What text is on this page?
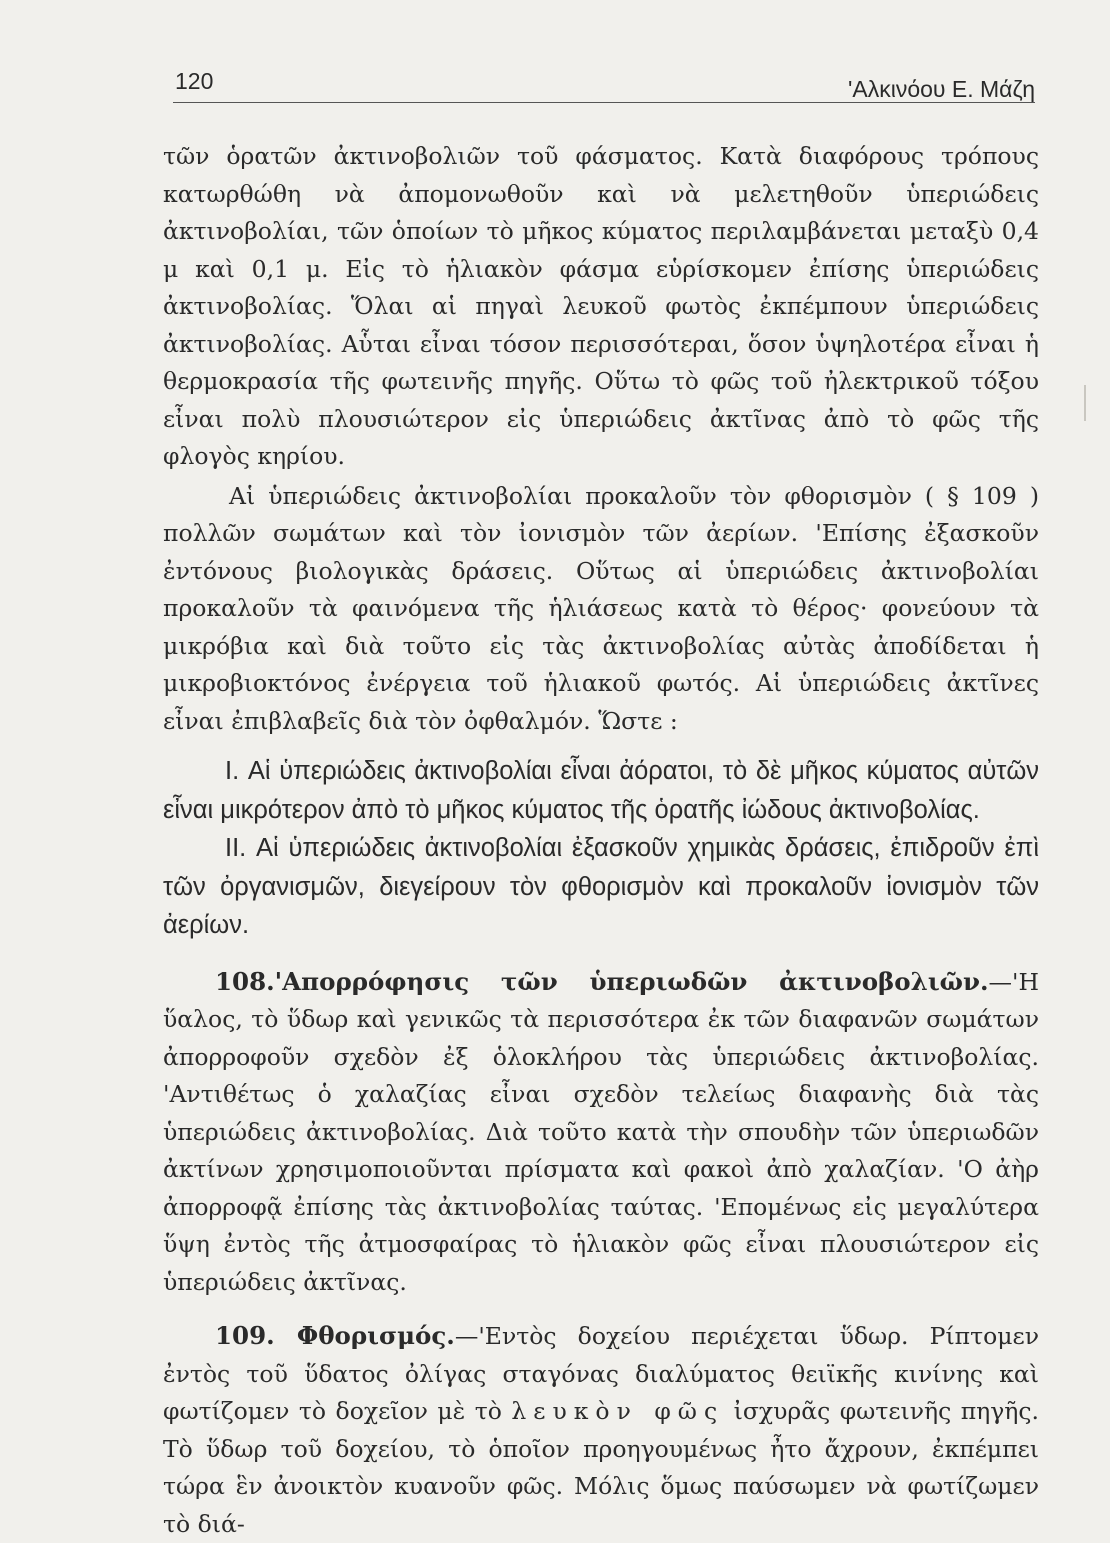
120	'Αλκινόου Ε. Μάζη

τῶν ὁρατῶν ἀκτινοβολιῶν τοῦ φάσματος. Κατὰ διαφόρους τρόπους κατωρθώθη νὰ ἀπομονωθοῦν καὶ νὰ μελετηθοῦν ὑπεριώδεις ἀκτινοβολίαι, τῶν ὁποίων τὸ μῆκος κύματος περιλαμβάνεται μεταξὺ 0,4 μ καὶ 0,1 μ. Εἰς τὸ ἡλιακὸν φάσμα εὑρίσκομεν ἐπίσης ὑπεριώδεις ἀκτινοβολίας. Ὅλαι αἱ πηγαὶ λευκοῦ φωτὸς ἐκπέμπουν ὑπεριώδεις ἀκτινοβολίας. Αὗται εἶναι τόσον περισσότεραι, ὅσον ὑψηλοτέρα εἶναι ἡ θερμοκρασία τῆς φωτεινῆς πηγῆς. Οὕτω τὸ φῶς τοῦ ἠλεκτρικοῦ τόξου εἶναι πολὺ πλουσιώτερον εἰς ὑπεριώδεις ἀκτῖνας ἀπὸ τὸ φῶς τῆς φλογὸς κηρίου.

Αἱ ὑπεριώδεις ἀκτινοβολίαι προκαλοῦν τὸν φθορισμὸν ( § 109 ) πολλῶν σωμάτων καὶ τὸν ἰονισμὸν τῶν ἀερίων. 'Επίσης ἐξασκοῦν ἐντόνους βιολογικὰς δράσεις. Οὕτως αἱ ὑπεριώδεις ἀκτινοβολίαι προκαλοῦν τὰ φαινόμενα τῆς ἡλιάσεως κατὰ τὸ θέρος· φονεύουν τὰ μικρόβια καὶ διὰ τοῦτο εἰς τὰς ἀκτινοβολίας αὐτὰς ἀποδίδεται ἡ μικροβιοκτόνος ἐνέργεια τοῦ ἡλιακοῦ φωτός. Αἱ ὑπεριώδεις ἀκτῖνες εἶναι ἐπιβλαβεῖς διὰ τὸν ὀφθαλμόν. Ὥστε :

I. Αἱ ὑπεριώδεις ἀκτινοβολίαι εἶναι ἀόρατοι, τὸ δὲ μῆκος κύματος αὐτῶν εἶναι μικρότερον ἀπὸ τὸ μῆκος κύματος τῆς ὁρατῆς ἰώδους ἀκτινοβολίας.

II. Αἱ ὑπεριώδεις ἀκτινοβολίαι ἐξασκοῦν χημικὰς δράσεις, ἐπιδροῦν ἐπὶ τῶν ὀργανισμῶν, διεγείρουν τὸν φθορισμὸν καὶ προκαλοῦν ἰονισμὸν τῶν ἀερίων.

108.'Απορρόφησις τῶν ὑπεριωδῶν ἀκτινοβολιῶν.—'Η ὕαλος, τὸ ὕδωρ καὶ γενικῶς τὰ περισσότερα ἐκ τῶν διαφανῶν σωμάτων ἀπορροφοῦν σχεδὸν ἐξ ὁλοκλήρου τὰς ὑπεριώδεις ἀκτινοβολίας. 'Αντιθέτως ὁ χαλαζίας εἶναι σχεδὸν τελείως διαφανὴς διὰ τὰς ὑπεριώδεις ἀκτινοβολίας. Διὰ τοῦτο κατὰ τὴν σπουδὴν τῶν ὑπεριωδῶν ἀκτίνων χρησιμοποιοῦνται πρίσματα καὶ φακοὶ ἀπὸ χαλαζίαν. 'Ο ἀὴρ ἀπορροφᾷ ἐπίσης τὰς ἀκτινοβολίας ταύτας. 'Επομένως εἰς μεγαλύτερα ὕψη ἐντὸς τῆς ἀτμοσφαίρας τὸ ἡλιακὸν φῶς εἶναι πλουσιώτερον εἰς ὑπεριώδεις ἀκτῖνας.

109. Φθορισμός.—'Εντὸς δοχείου περιέχεται ὕδωρ. Ρίπτομεν ἐντὸς τοῦ ὕδατος ὀλίγας σταγόνας διαλύματος θειϊκῆς κινίνης καὶ φωτίζομεν τὸ δοχεῖον μὲ τὸ λευκὸν φῶς ἰσχυρᾶς φωτεινῆς πηγῆς. Τὸ ὕδωρ τοῦ δοχείου, τὸ ὁποῖον προηγουμένως ἦτο ἄχρουν, ἐκπέμπει τώρα ἓν ἀνοικτὸν κυανοῦν φῶς. Μόλις ὅμως παύσωμεν νὰ φωτίζωμεν τὸ διά-
